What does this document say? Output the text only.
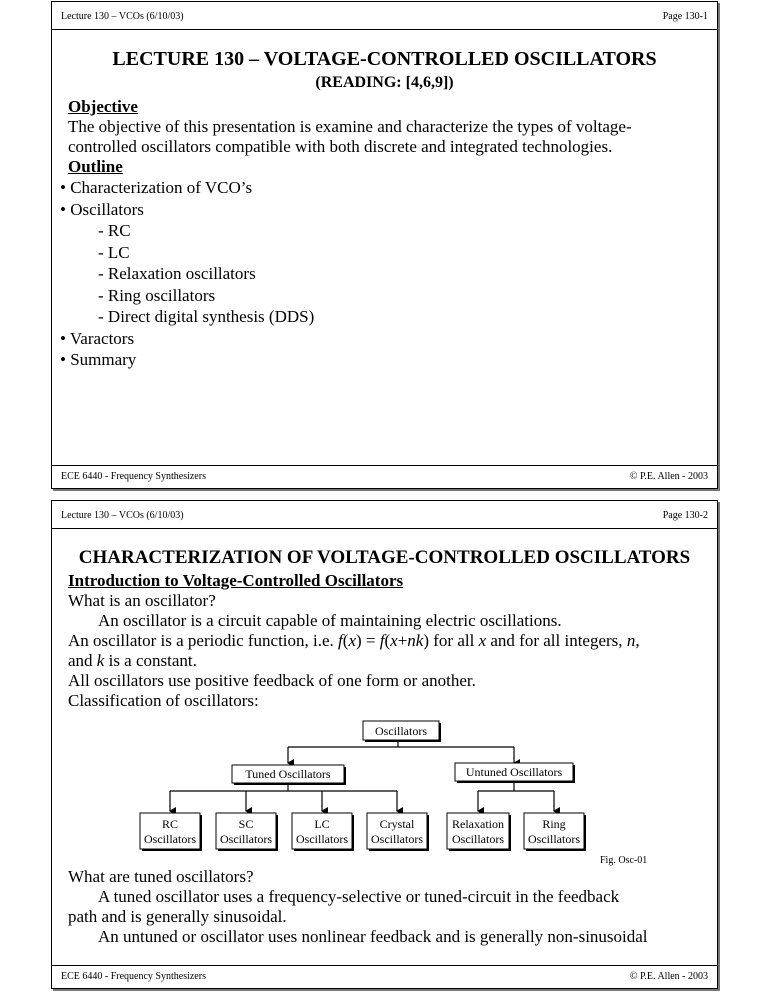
Lecture 130 – VCOs (6/10/03)	Page 130-1
LECTURE 130 – VOLTAGE-CONTROLLED OSCILLATORS
(READING: [4,6,9])
Objective
The objective of this presentation is examine and characterize the types of voltage-
controlled oscillators compatible with both discrete and integrated technologies.
Outline
• Characterization of VCO’s
• Oscillators
- RC
- LC
- Relaxation oscillators
- Ring oscillators
- Direct digital synthesis (DDS)
• Varactors
• Summary
ECE 6440 - Frequency Synthesizers	© P.E. Allen - 2003
Lecture 130 – VCOs (6/10/03)	Page 130-2
CHARACTERIZATION OF VOLTAGE-CONTROLLED OSCILLATORS
Introduction to Voltage-Controlled Oscillators
What is an oscillator?
An oscillator is a circuit capable of maintaining electric oscillations.
An oscillator is a periodic function, i.e. f(x) = f(x+nk) for all x and for all integers, n,
and k is a constant.
All oscillators use positive feedback of one form or another.
Classification of oscillators:
Oscillators
Tuned Oscillators	Untuned Oscillators
RC
Oscillators
SC
Oscillators
LC
Oscillators
Crystal
Oscillators
Relaxation
Oscillators
Ring
Oscillators
Fig. Osc-01
What are tuned oscillators?
A tuned oscillator uses a frequency-selective or tuned-circuit in the feedback
path and is generally sinusoidal.
An untuned or oscillator uses nonlinear feedback and is generally non-sinusoidal
ECE 6440 - Frequency Synthesizers	© P.E. Allen - 2003
